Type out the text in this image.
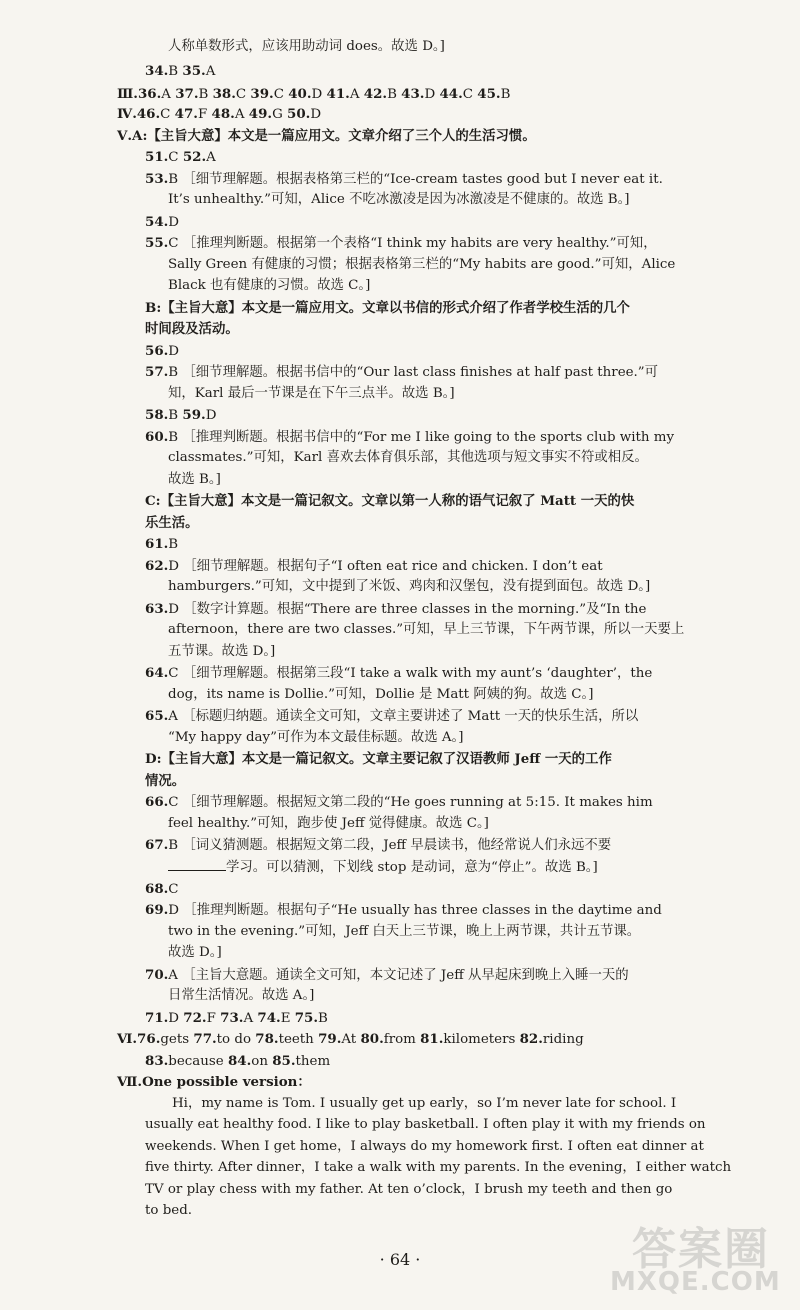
人称单数形式，应该用助动词 does。故选 D。]
34.B 35.A
Ⅲ.36.A 37.B 38.C 39.C 40.D 41.A 42.B 43.D 44.C 45.B
Ⅳ.46.C 47.F 48.A 49.G 50.D
Ⅴ.A:【主旨大意】本文是一篇应用文。文章介绍了三个人的生活习惯。
51.C 52.A
53.B ［细节理解题。根据表格第三栏的“Ice-cream tastes good but I never eat it.
It’s unhealthy.”可知，Alice 不吃冰激凌是因为冰激凌是不健康的。故选 B。]
54.D
55.C ［推理判断题。根据第一个表格“I think my habits are very healthy.”可知，
Sally Green 有健康的习惯；根据表格第三栏的“My habits are good.”可知，Alice
Black 也有健康的习惯。故选 C。]
B:【主旨大意】本文是一篇应用文。文章以书信的形式介绍了作者学校生活的几个
时间段及活动。
56.D
57.B ［细节理解题。根据书信中的“Our last class finishes at half past three.”可
知，Karl 最后一节课是在下午三点半。故选 B。]
58.B 59.D
60.B ［推理判断题。根据书信中的“For me I like going to the sports club with my
classmates.”可知，Karl 喜欢去体育俱乐部，其他选项与短文事实不符或相反。
故选 B。]
C:【主旨大意】本文是一篇记叙文。文章以第一人称的语气记叙了 Matt 一天的快
乐生活。
61.B
62.D ［细节理解题。根据句子“I often eat rice and chicken. I don’t eat
hamburgers.”可知，文中提到了米饭、鸡肉和汉堡包，没有提到面包。故选 D。]
63.D ［数字计算题。根据“There are three classes in the morning.”及“In the
afternoon，there are two classes.”可知，早上三节课，下午两节课，所以一天要上
五节课。故选 D。]
64.C ［细节理解题。根据第三段“I take a walk with my aunt’s ‘daughter’，the
dog，its name is Dollie.”可知，Dollie 是 Matt 阿姨的狗。故选 C。]
65.A ［标题归纳题。通读全文可知，文章主要讲述了 Matt 一天的快乐生活，所以
“My happy day”可作为本文最佳标题。故选 A。]
D:【主旨大意】本文是一篇记叙文。文章主要记叙了汉语教师 Jeff 一天的工作
情况。
66.C ［细节理解题。根据短文第二段的“He goes running at 5:15. It makes him
feel healthy.”可知，跑步使 Jeff 觉得健康。故选 C。]
67.B ［词义猜测题。根据短文第二段，Jeff 早晨读书，他经常说人们永远不要
学习。可以猜测，下划线 stop 是动词，意为“停止”。故选 B。]
68.C
69.D ［推理判断题。根据句子“He usually has three classes in the daytime and
two in the evening.”可知，Jeff 白天上三节课，晚上上两节课，共计五节课。
故选 D。]
70.A ［主旨大意题。通读全文可知，本文记述了 Jeff 从早起床到晚上入睡一天的
日常生活情况。故选 A。]
71.D 72.F 73.A 74.E 75.B
Ⅵ.76.gets 77.to do 78.teeth 79.At 80.from 81.kilometers 82.riding
83.because 84.on 85.them
Ⅶ.One possible version：
Hi，my name is Tom. I usually get up early，so I’m never late for school. I
usually eat healthy food. I like to play basketball. I often play it with my friends on
weekends. When I get home，I always do my homework first. I often eat dinner at
five thirty. After dinner，I take a walk with my parents. In the evening，I either watch
TV or play chess with my father. At ten o’clock，I brush my teeth and then go
to bed.
· 64 ·	答案圈
MXQE.COM
